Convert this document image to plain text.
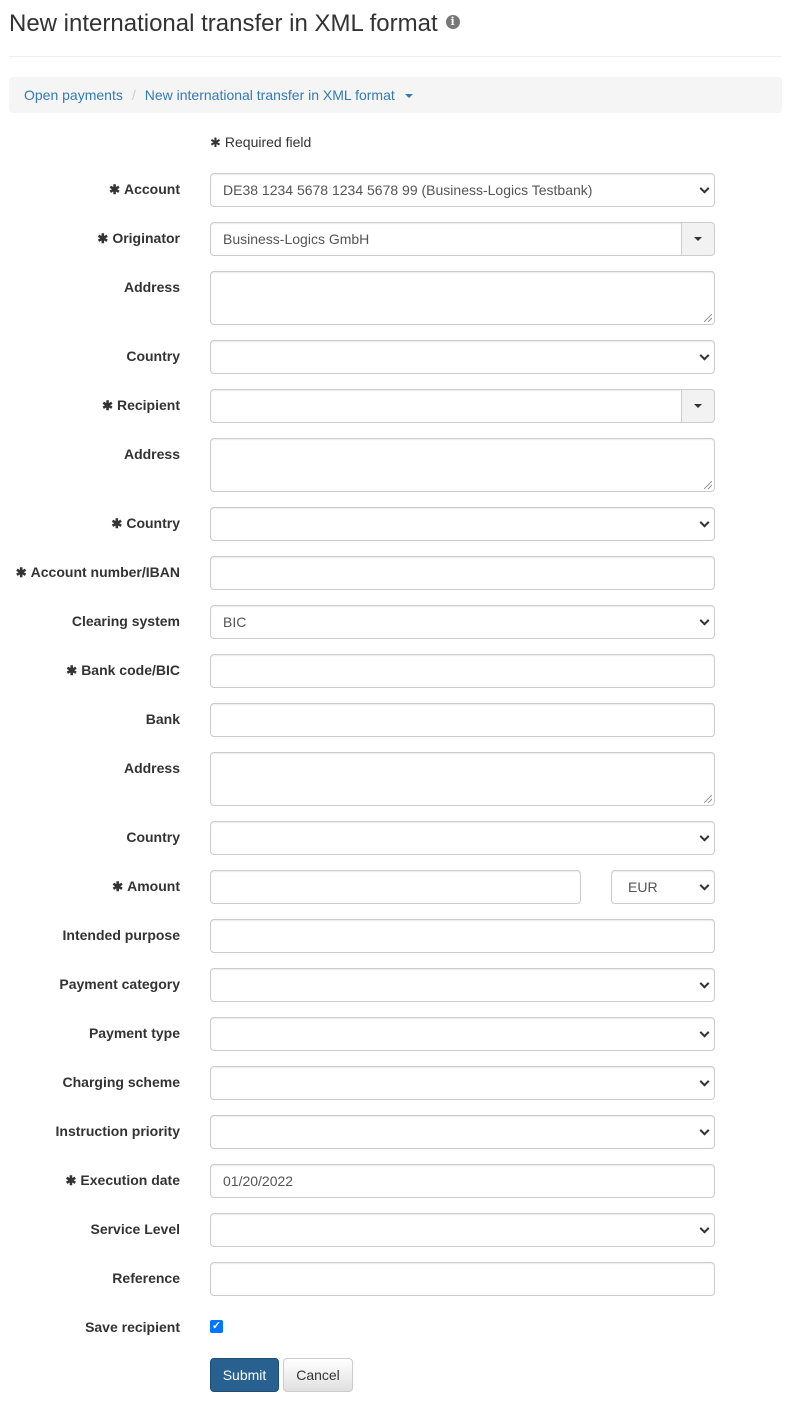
New international transfer in XML format i
Open payments / New international transfer in XML format
✱ Required field
✱ Account	DE38 1234 5678 1234 5678 99 (Business-Logics Testbank)
✱ Originator	Business-Logics GmbH
Address
Country
✱ Recipient
Address
✱ Country
✱ Account number/IBAN
Clearing system	BIC
✱ Bank code/BIC
Bank
Address
Country
✱ Amount	EUR
Intended purpose
Payment category
Payment type
Charging scheme
Instruction priority
✱ Execution date	01/20/2022
Service Level
Reference
Save recipient	✓
Submit	Cancel
